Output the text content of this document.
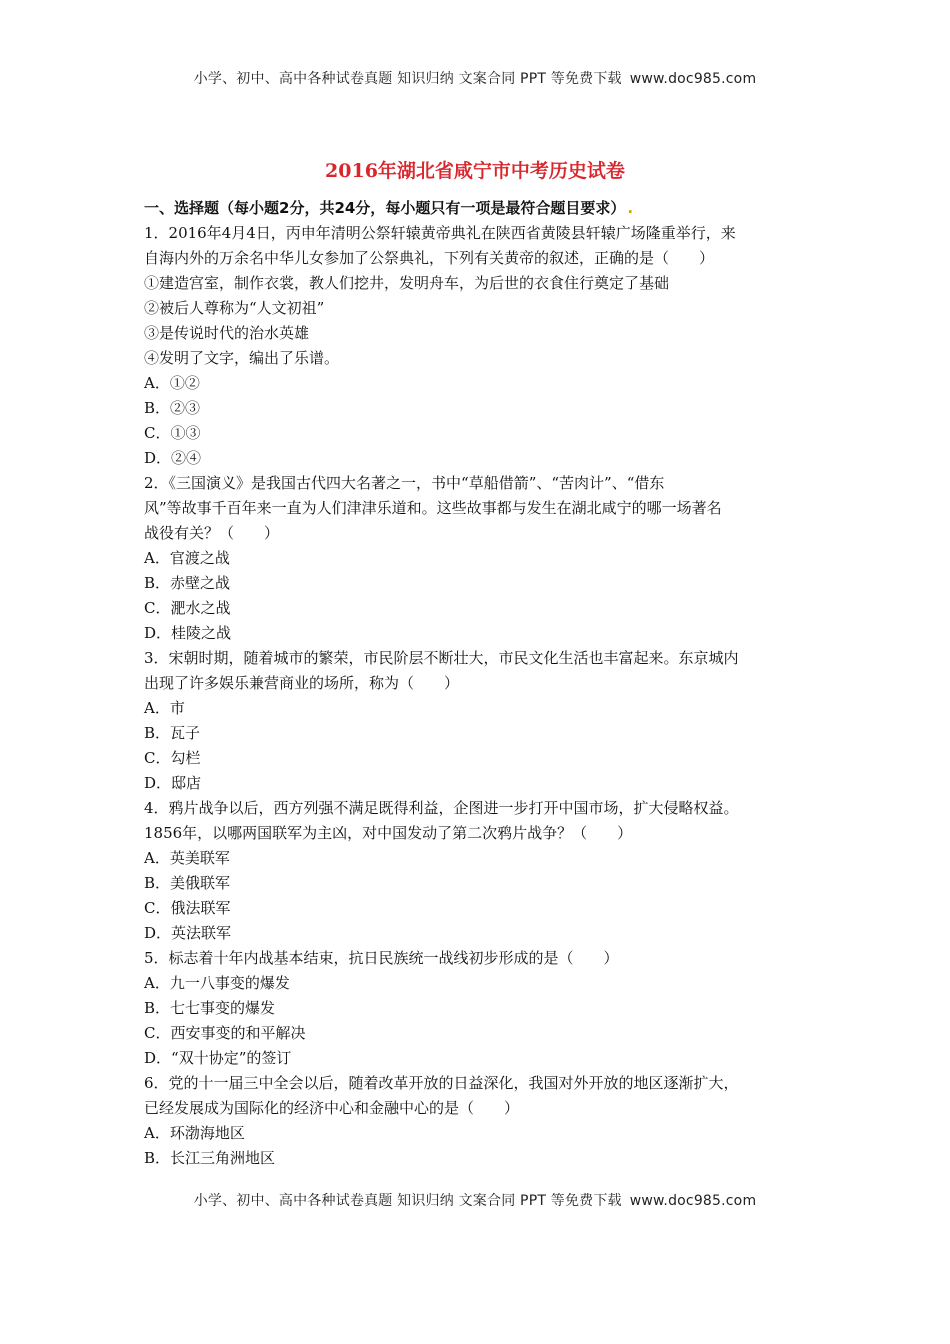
小学、初中、高中各种试卷真题 知识归纳 文案合同 PPT 等免费下载 www.doc985.com
2016年湖北省咸宁市中考历史试卷
一、选择题（每小题2分，共24分，每小题只有一项是最符合题目要求） .
1．2016年4月4日，丙申年清明公祭轩辕黄帝典礼在陕西省黄陵县轩辕广场隆重举行，来
自海内外的万余名中华儿女参加了公祭典礼，下列有关黄帝的叙述，正确的是（　　）
①建造宫室，制作衣裳，教人们挖井，发明舟车，为后世的衣食住行奠定了基础
②被后人尊称为“人文初祖”
③是传说时代的治水英雄
④发明了文字，编出了乐谱。
A．①②
B．②③
C．①③
D．②④
2．《三国演义》是我国古代四大名著之一，书中“草船借箭”、“苦肉计”、“借东
风”等故事千百年来一直为人们津津乐道和。这些故事都与发生在湖北咸宁的哪一场著名
战役有关？（　　）
A．官渡之战
B．赤壁之战
C．淝水之战
D．桂陵之战
3．宋朝时期，随着城市的繁荣，市民阶层不断壮大，市民文化生活也丰富起来。东京城内
出现了许多娱乐兼营商业的场所，称为（　　）
A．市
B．瓦子
C．勾栏
D．邸店
4．鸦片战争以后，西方列强不满足既得利益，企图进一步打开中国市场，扩大侵略权益。
1856年，以哪两国联军为主凶，对中国发动了第二次鸦片战争？（　　）
A．英美联军
B．美俄联军
C．俄法联军
D．英法联军
5．标志着十年内战基本结束，抗日民族统一战线初步形成的是（　　）
A．九一八事变的爆发
B．七七事变的爆发
C．西安事变的和平解决
D．“双十协定”的签订
6．党的十一届三中全会以后，随着改革开放的日益深化，我国对外开放的地区逐渐扩大，
已经发展成为国际化的经济中心和金融中心的是（　　）
A．环渤海地区
B．长江三角洲地区
小学、初中、高中各种试卷真题 知识归纳 文案合同 PPT 等免费下载 www.doc985.com
